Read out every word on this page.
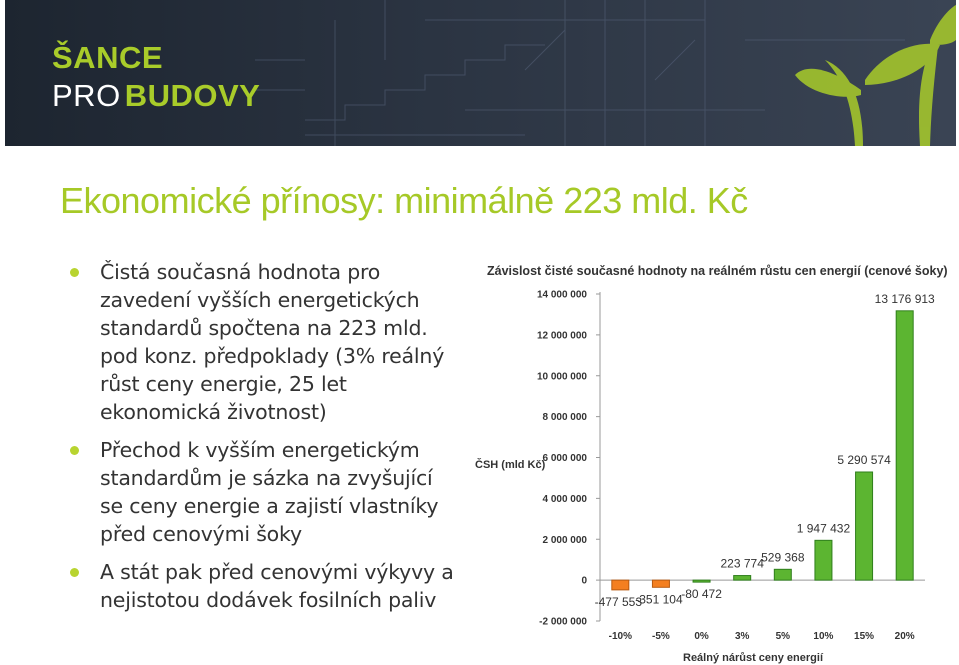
ŠANCE
PRO BUDOVY
Ekonomické přínosy: minimálně 223 mld. Kč
Čistá současná hodnota pro zavedení vyšších energetických standardů spočtena na 223 mld. pod konz. předpoklady (3% reálný růst ceny energie, 25 let ekonomická životnost)
Přechod k vyšším energetickým standardům je sázka na zvyšující se ceny energie a zajistí vlastníky před cenovými šoky
A stát pak před cenovými výkyvy a nejistotou dodávek fosilních paliv
Závislost čisté současné hodnoty na reálném růstu cen energií (cenové šoky)
ČSH (mld Kč)
Reálný nárůst ceny energií
-2 000 000
0
2 000 000
4 000 000
6 000 000
8 000 000
10 000 000
12 000 000
14 000 000
-10% -5% 0%	3%	5% 10% 15% 20%
-477 553
-351 104
-80 472
223 774
529 368
1 947 432
5 290 574
13 176 913
